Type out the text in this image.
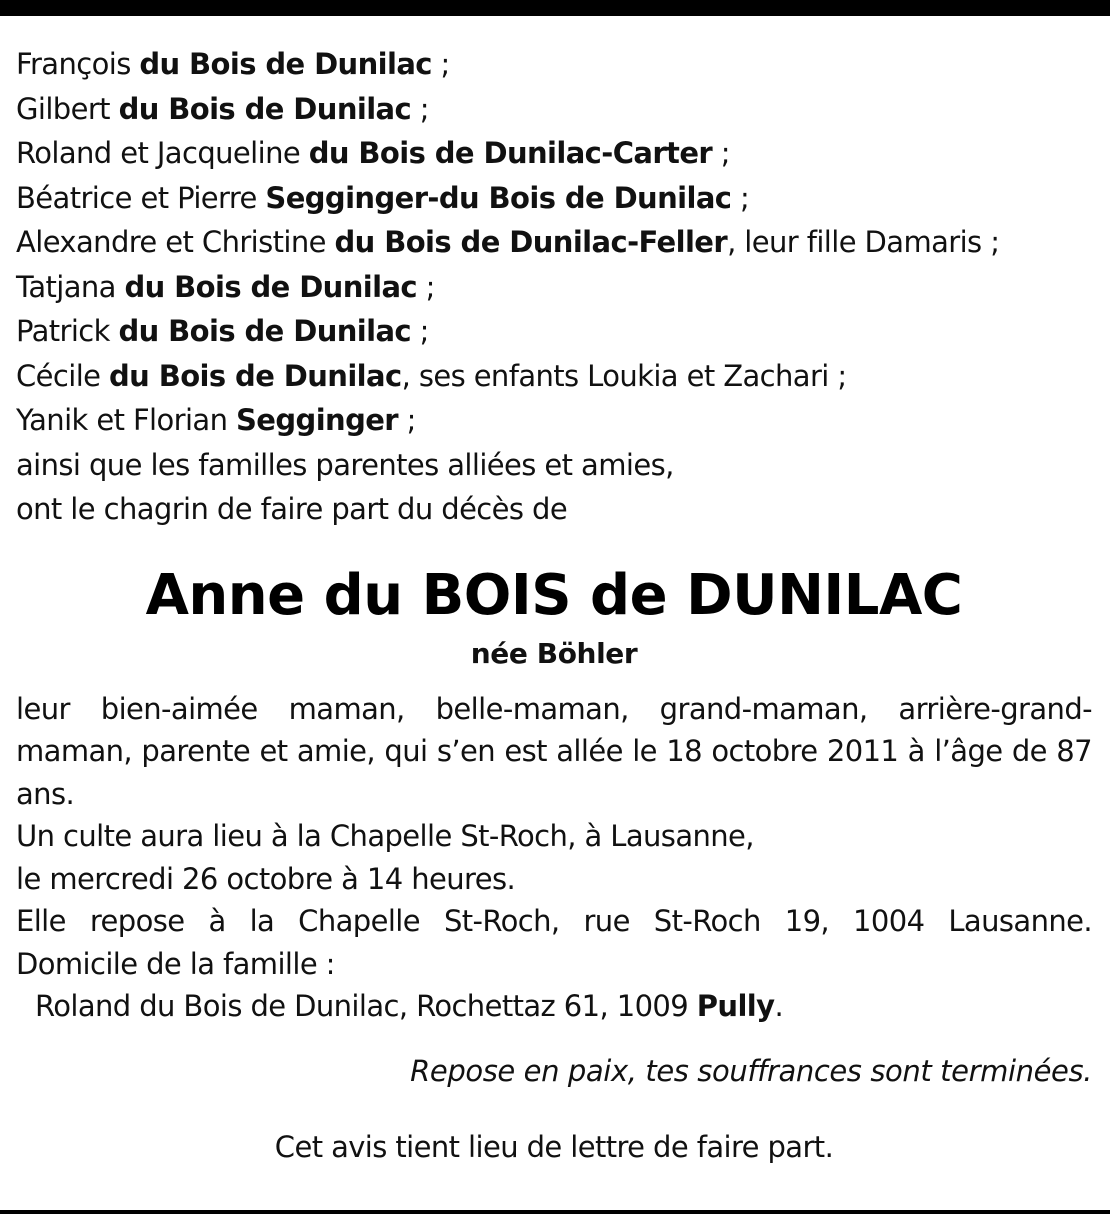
François du Bois de Dunilac ;
Gilbert du Bois de Dunilac ;
Roland et Jacqueline du Bois de Dunilac-Carter ;
Béatrice et Pierre Segginger-du Bois de Dunilac ;
Alexandre et Christine du Bois de Dunilac-Feller, leur fille Damaris ;
Tatjana du Bois de Dunilac ;
Patrick du Bois de Dunilac ;
Cécile du Bois de Dunilac, ses enfants Loukia et Zachari ;
Yanik et Florian Segginger ;
ainsi que les familles parentes alliées et amies,
ont le chagrin de faire part du décès de
Anne du BOIS de DUNILAC
née Böhler
leur bien-aimée maman, belle-maman, grand-maman, arrière-grand-maman, parente et amie, qui s’en est allée le 18 octobre 2011 à l’âge de 87 ans.
Un culte aura lieu à la Chapelle St-Roch, à Lausanne,
le mercredi 26 octobre à 14 heures.
Elle repose à la Chapelle St-Roch, rue St-Roch 19, 1004 Lausanne.
Domicile de la famille :
Roland du Bois de Dunilac, Rochettaz 61, 1009 Pully.
Repose en paix, tes souffrances sont terminées.
Cet avis tient lieu de lettre de faire part.
